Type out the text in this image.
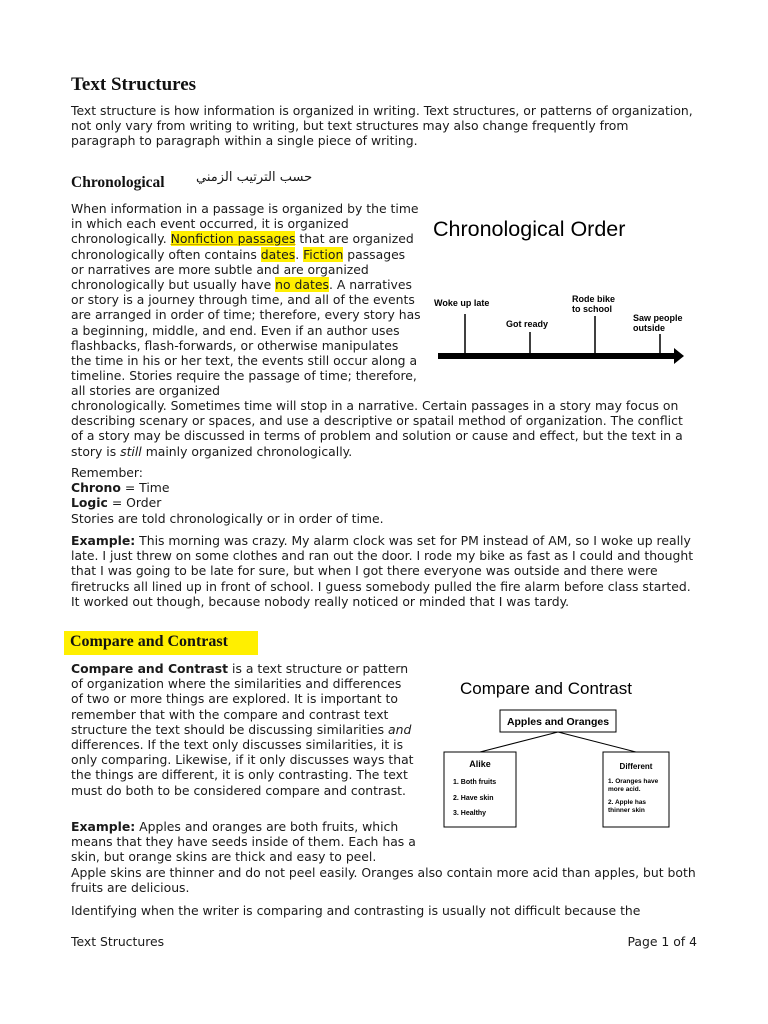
Text Structures

Text structure is how information is organized in writing. Text structures, or patterns of organization, not only vary from writing to writing, but text structures may also change frequently from paragraph to paragraph within a single piece of writing.

Chronological حسب الترتيب الزمني

When information in a passage is organized by the time in which each event occurred, it is organized chronologically. Nonfiction passages that are organized chronologically often contains dates. Fiction passages or narratives are more subtle and are organized chronologically but usually have no dates. A narratives or story is a journey through time, and all of the events are arranged in order of time; therefore, every story has a beginning, middle, and end. Even if an author uses flashbacks, flash-forwards, or otherwise manipulates the time in his or her text, the events still occur along a timeline. Stories require the passage of time; therefore, all stories are organized

chronologically. Sometimes time will stop in a narrative. Certain passages in a story may focus on describing scenary or spaces, and use a descriptive or spatail method of organization. The conflict of a story may be discussed in terms of problem and solution or cause and effect, but the text in a story is still mainly organized chronologically.

Remember:
Chrono = Time
Logic = Order
Stories are told chronologically or in order of time.

Example: This morning was crazy. My alarm clock was set for PM instead of AM, so I woke up really late. I just threw on some clothes and ran out the door. I rode my bike as fast as I could and thought that I was going to be late for sure, but when I got there everyone was outside and there were firetrucks all lined up in front of school. I guess somebody pulled the fire alarm before class started. It worked out though, because nobody really noticed or minded that I was tardy.

Chronological Order
Woke up late
Got ready
Rode bike
to school
Saw people
outside
Compare and Contrast

Compare and Contrast is a text structure or pattern of organization where the similarities and differences of two or more things are explored. It is important to remember that with the compare and contrast text structure the text should be discussing similarities and differences. If the text only discusses similarities, it is only comparing. Likewise, if it only discusses ways that the things are different, it is only contrasting. The text must do both to be considered compare and contrast.

Example: Apples and oranges are both fruits, which means that they have seeds inside of them. Each has a skin, but orange skins are thick and easy to peel.

Apple skins are thinner and do not peel easily. Oranges also contain more acid than apples, but both fruits are delicious.

Identifying when the writer is comparing and contrasting is usually not difficult because the

Compare and Contrast
Apples and Oranges
Alike
1. Both fruits
2. Have skin
3. Healthy
Different
1. Oranges have
more acid.
2. Apple has
thinner skin
Text Structures	Page 1 of 4
